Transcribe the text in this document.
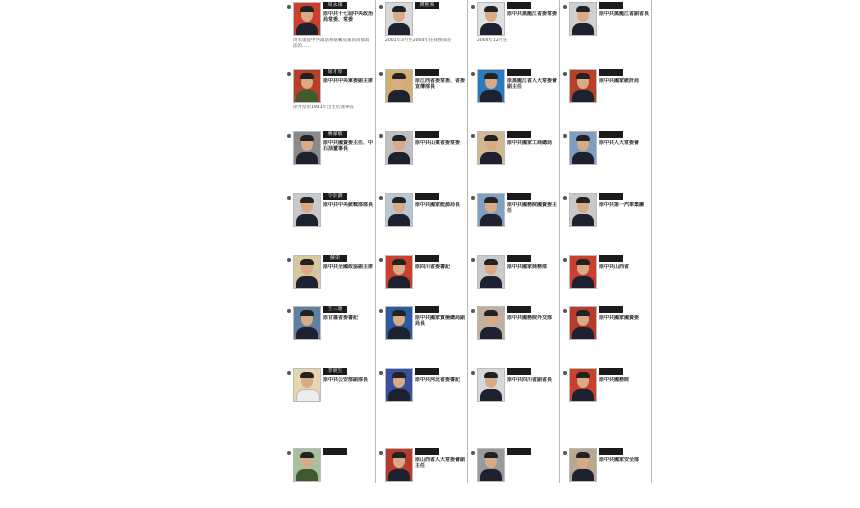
周永康
原中共十七屆中央政治局常委、常委
周永康從中共政法系統觸及黨員高層政法的……
徐才厚
原中共中央軍委副主席
徐才厚於1943年出生於遼寧省
蔣潔敏
原中共國資委主任、中石油董事長
令計劃
原中共中央統戰部部長
蘇榮
原中共全國政協副主席
王三運
原甘肅省委書記
李東生
原中共公安部副部長
薄熙來
2001年3月至2004年任商務部長
原江西省委常委、省委宣傳部長
原中共山東省委常委
原中共國家能源局長
原四川省委書記
原中共國家質檢總局副局長
原中共河北省委書記
原山西省人大常委會副主任
原中共黑龍江省委常委
2004年12月任
原黑龍江省人大常委會副主任
原中共國家工商總局
原中共國務院國資委主任
原中共國家商務部
原中共國務院外交部
原中共四川省副省長
原中共黑龍江省副省長
原中共國家統計局
原中共人大常委會
原中共第一汽車集團
原中共山西省
原中共國家國資委
原中共國務院
原中共國家安全部
